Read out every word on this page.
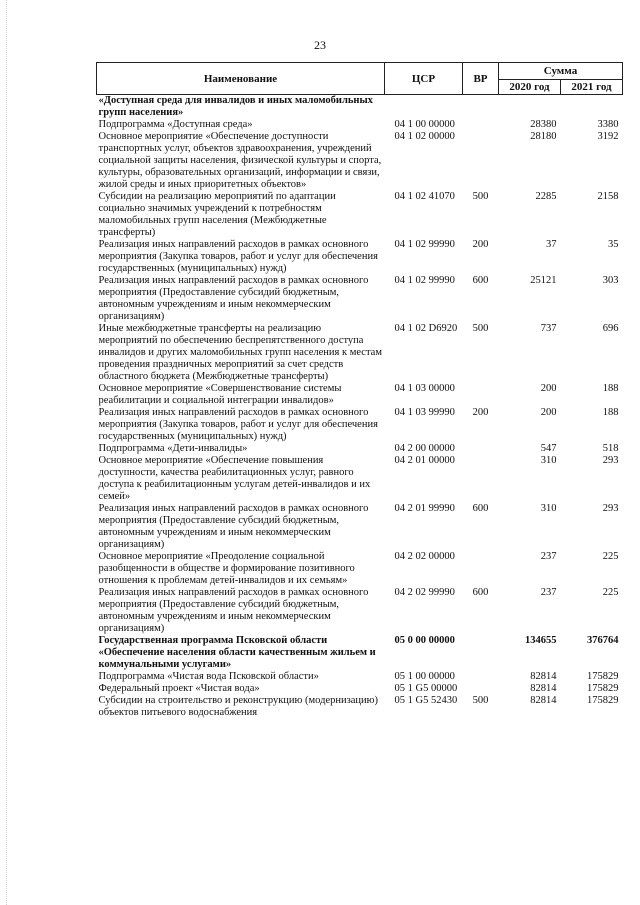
23
Наименование	ЦСР	ВР	Сумма	
			2020 год	2021 год
«Доступная среда для инвалидов и иных маломобильных групп населения»				
Подпрограмма «Доступная среда»	04 1 00 00000		28380	3380
Основное мероприятие «Обеспечение доступности транспортных услуг, объектов здравоохранения, учреждений социальной защиты населения, физической культуры и спорта, культуры, образовательных организаций, информации и связи, жилой среды и иных приоритетных объектов»	04 1 02 00000		28180	3192
Субсидии на реализацию мероприятий по адаптации социально значимых учреждений к потребностям маломобильных групп населения (Межбюджетные трансферты)	04 1 02 41070	500	2285	2158
Реализация иных направлений расходов в рамках основного мероприятия (Закупка товаров, работ и услуг для обеспечения государственных (муниципальных) нужд)	04 1 02 99990	200	37	35
Реализация иных направлений расходов в рамках основного мероприятия (Предоставление субсидий бюджетным, автономным учреждениям и иным некоммерческим организациям)	04 1 02 99990	600	25121	303
Иные межбюджетные трансферты на реализацию мероприятий по обеспечению беспрепятственного доступа инвалидов и других маломобильных групп населения к местам проведения праздничных мероприятий за счет средств областного бюджета (Межбюджетные трансферты)	04 1 02 D6920	500	737	696
Основное мероприятие «Совершенствование системы реабилитации и социальной интеграции инвалидов»	04 1 03 00000		200	188
Реализация иных направлений расходов в рамках основного мероприятия (Закупка товаров, работ и услуг для обеспечения государственных (муниципальных) нужд)	04 1 03 99990	200	200	188
Подпрограмма «Дети-инвалиды»	04 2 00 00000		547	518
Основное мероприятие «Обеспечение повышения доступности, качества реабилитационных услуг, равного доступа к реабилитационным услугам детей-инвалидов и их семей»	04 2 01 00000		310	293
Реализация иных направлений расходов в рамках основного мероприятия (Предоставление субсидий бюджетным, автономным учреждениям и иным некоммерческим организациям)	04 2 01 99990	600	310	293
Основное мероприятие «Преодоление социальной разобщенности в обществе и формирование позитивного отношения к проблемам детей-инвалидов и их семьям»	04 2 02 00000		237	225
Реализация иных направлений расходов в рамках основного мероприятия (Предоставление субсидий бюджетным, автономным учреждениям и иным некоммерческим организациям)	04 2 02 99990	600	237	225
Государственная программа Псковской области «Обеспечение населения области качественным жильем и коммунальными услугами»	05 0 00 00000		134655	376764
Подпрограмма «Чистая вода Псковской области»	05 1 00 00000		82814	175829
Федеральный проект «Чистая вода»	05 1 G5 00000		82814	175829
Субсидии на строительство и реконструкцию (модернизацию) объектов питьевого водоснабжения	05 1 G5 52430	500	82814	175829
